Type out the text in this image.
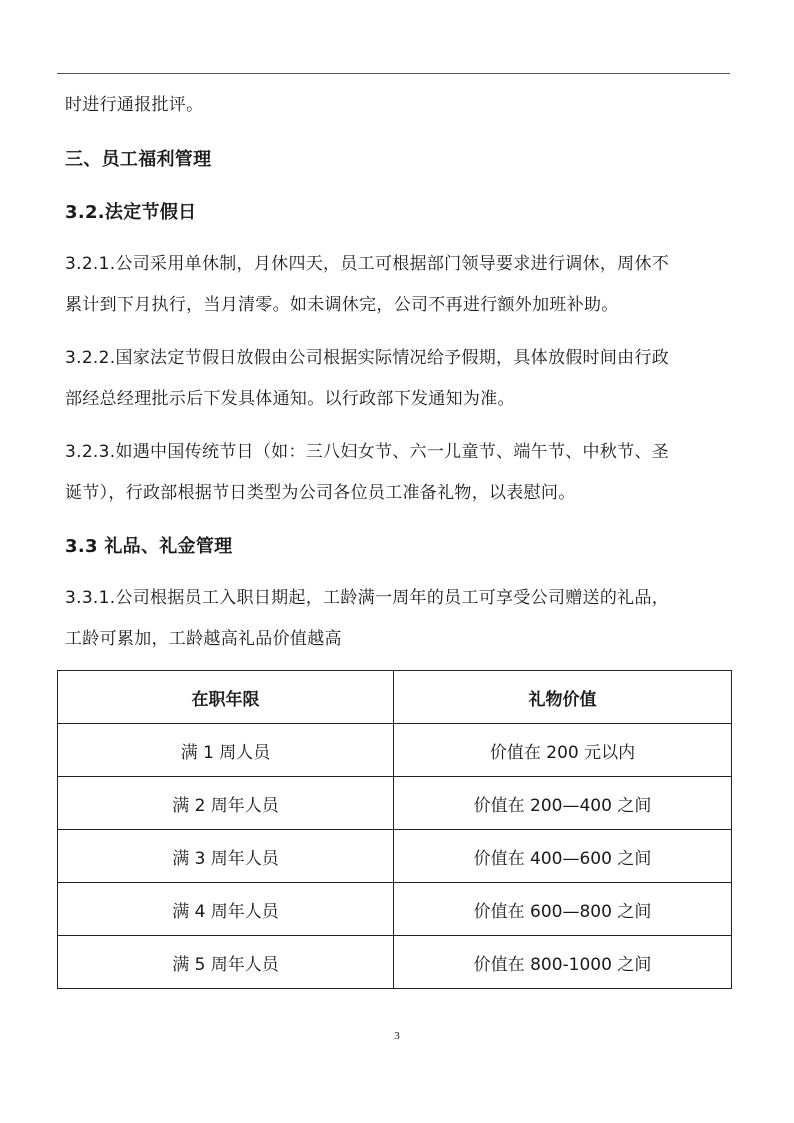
时进行通报批评。
三、员工福利管理
3.2.法定节假日
3.2.1.公司采用单休制，月休四天，员工可根据部门领导要求进行调休，周休不
累计到下月执行，当月清零。如未调休完，公司不再进行额外加班补助。
3.2.2.国家法定节假日放假由公司根据实际情况给予假期，具体放假时间由行政
部经总经理批示后下发具体通知。以行政部下发通知为准。
3.2.3.如遇中国传统节日（如：三八妇女节、六一儿童节、端午节、中秋节、圣
诞节），行政部根据节日类型为公司各位员工准备礼物，以表慰问。
3.3 礼品、礼金管理
3.3.1.公司根据员工入职日期起，工龄满一周年的员工可享受公司赠送的礼品，
工龄可累加，工龄越高礼品价值越高
在职年限	礼物价值
满 1 周人员	价值在 200 元以内
满 2 周年人员	价值在 200—400 之间
满 3 周年人员	价值在 400—600 之间
满 4 周年人员	价值在 600—800 之间
满 5 周年人员	价值在 800-1000 之间
3
